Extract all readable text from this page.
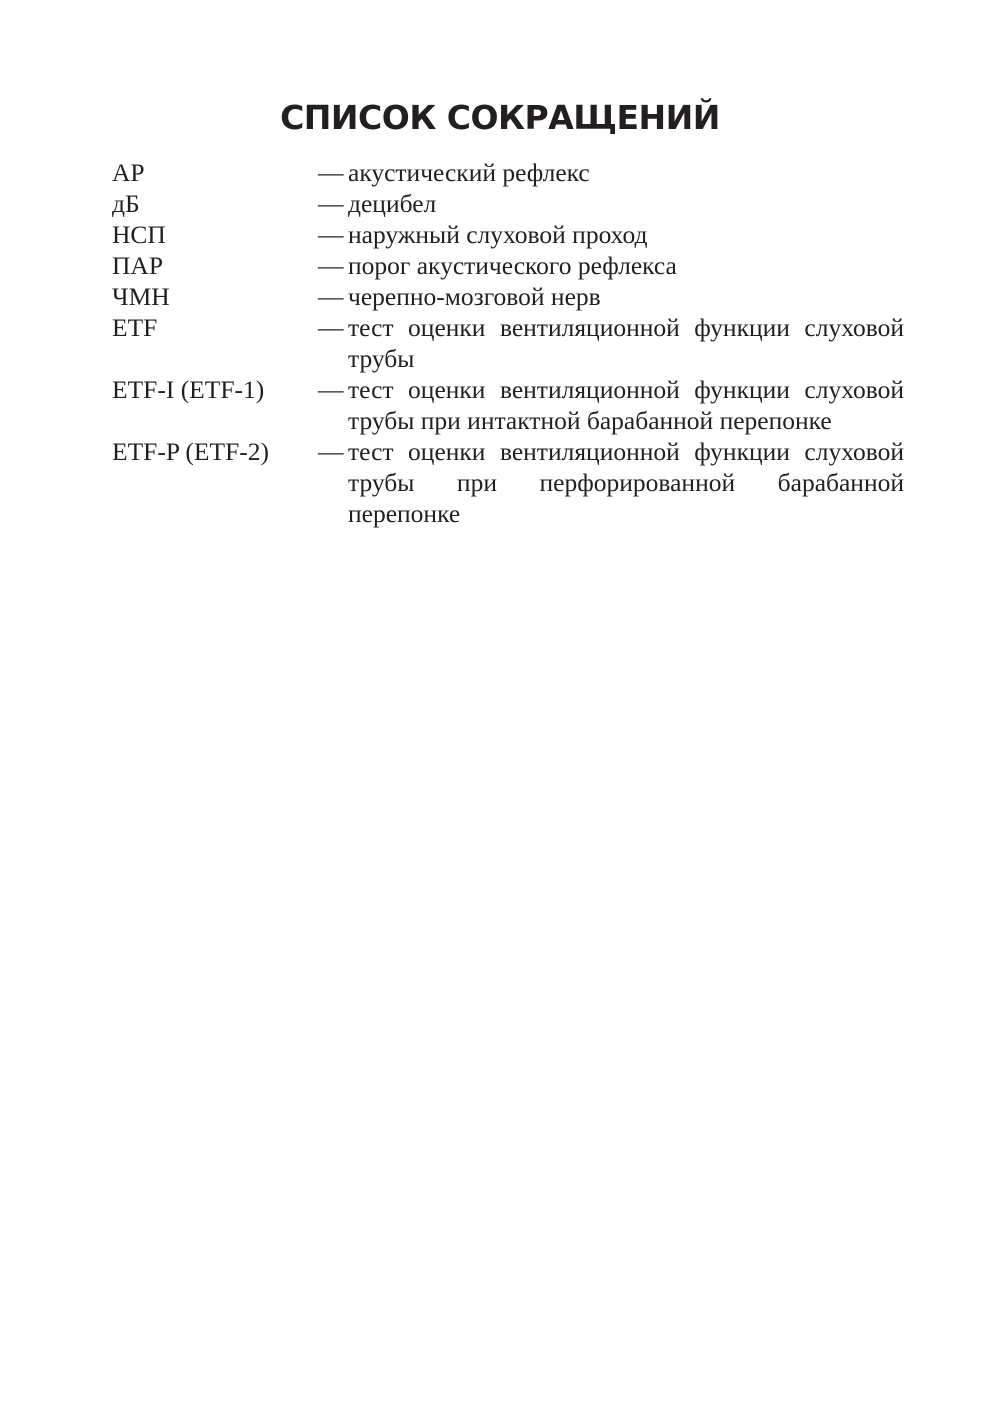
СПИСОК СОКРАЩЕНИЙ
АР	— акустический рефлекс
дБ	— децибел
НСП	— наружный слуховой проход
ПАР	— порог акустического рефлекса
ЧМН	— черепно-мозговой нерв
ETF	— тест оценки вентиляционной функции слуховой трубы
ETF-I (ETF-1)	— тест оценки вентиляционной функции слуховой трубы при интактной барабанной перепонке
ETF-P (ETF-2)	— тест оценки вентиляционной функции слуховой трубы при перфорированной барабанной перепонке
